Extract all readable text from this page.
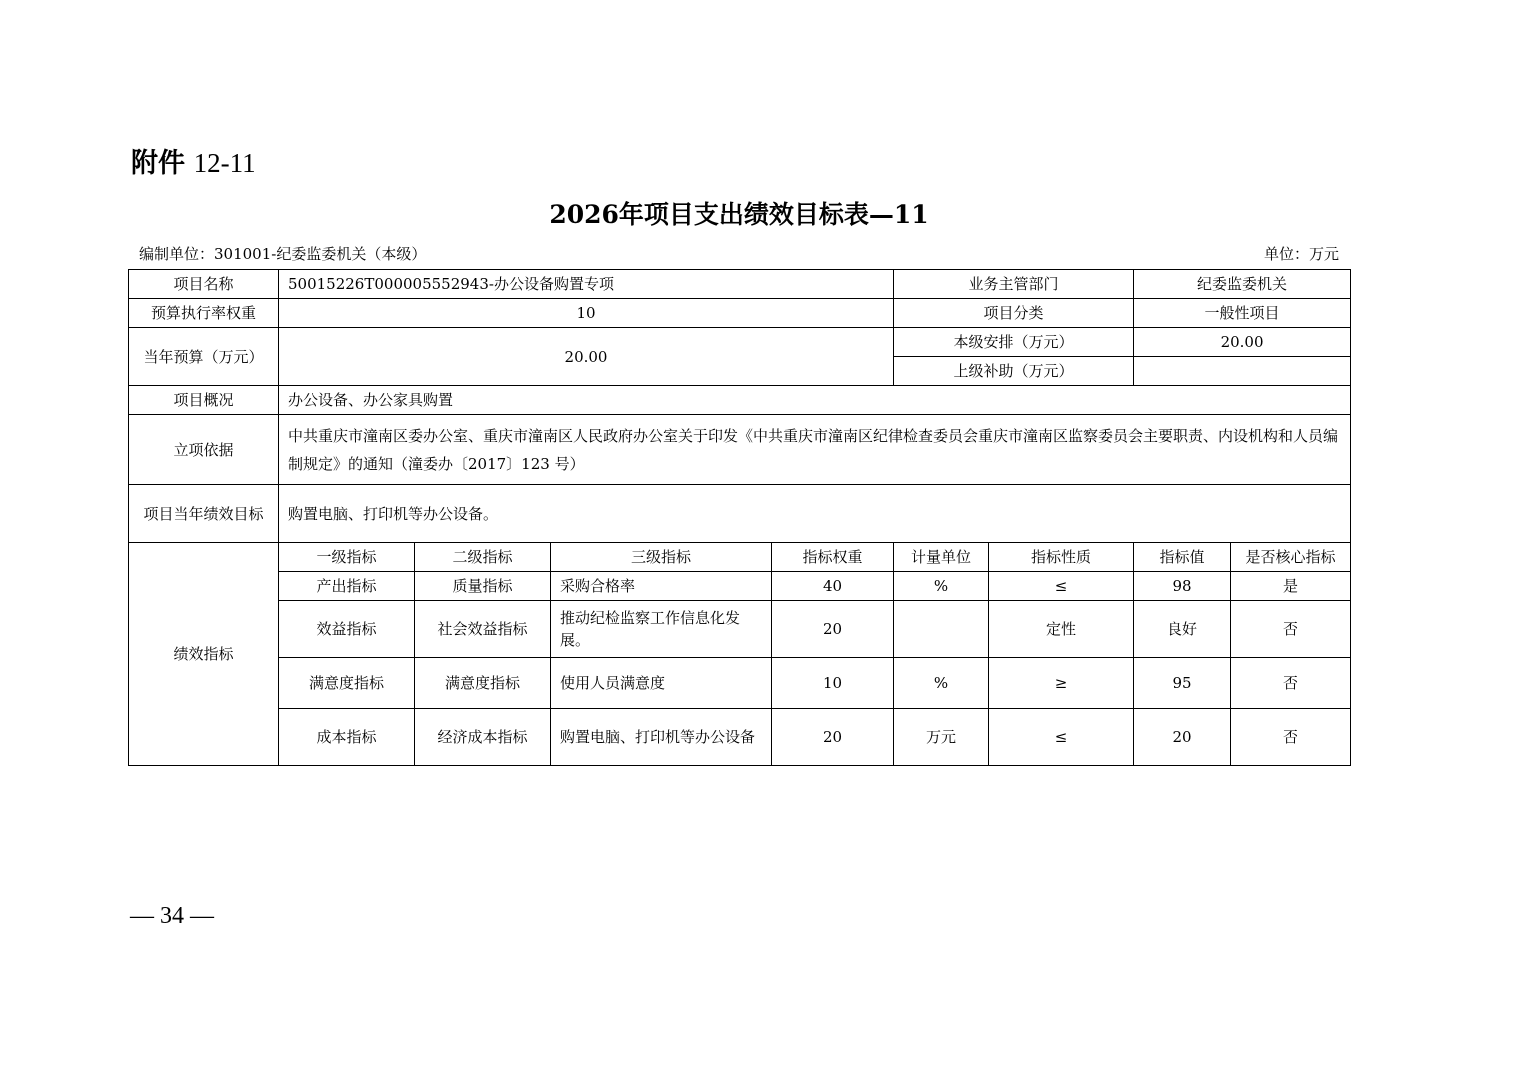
附件 12-11
2026年项目支出绩效目标表—11
编制单位：301001-纪委监委机关（本级）	单位：万元
项目名称	50015226T000005552943-办公设备购置专项				业务主管部门		纪委监委机关	
预算执行率权重	10				项目分类		一般性项目	
当年预算（万元）	20.00				本级安排（万元）		20.00	
					上级补助（万元）			
项目概况	办公设备、办公家具购置							
立项依据	中共重庆市潼南区委办公室、重庆市潼南区人民政府办公室关于印发《中共重庆市潼南区纪律检查委员会重庆市潼南区监察委员会主要职责、内设机构和人员编制规定》的通知（潼委办〔2017〕123 号）							
项目当年绩效目标	购置电脑、打印机等办公设备。							
绩效指标	一级指标	二级指标	三级指标	指标权重	计量单位	指标性质	指标值	是否核心指标
	产出指标	质量指标	采购合格率	40	%	≤	98	是
	效益指标	社会效益指标	推动纪检监察工作信息化发展。	20		定性	良好	否
	满意度指标	满意度指标	使用人员满意度	10	%	≥	95	否
	成本指标	经济成本指标	购置电脑、打印机等办公设备	20	万元	≤	20	否
— 34 —
